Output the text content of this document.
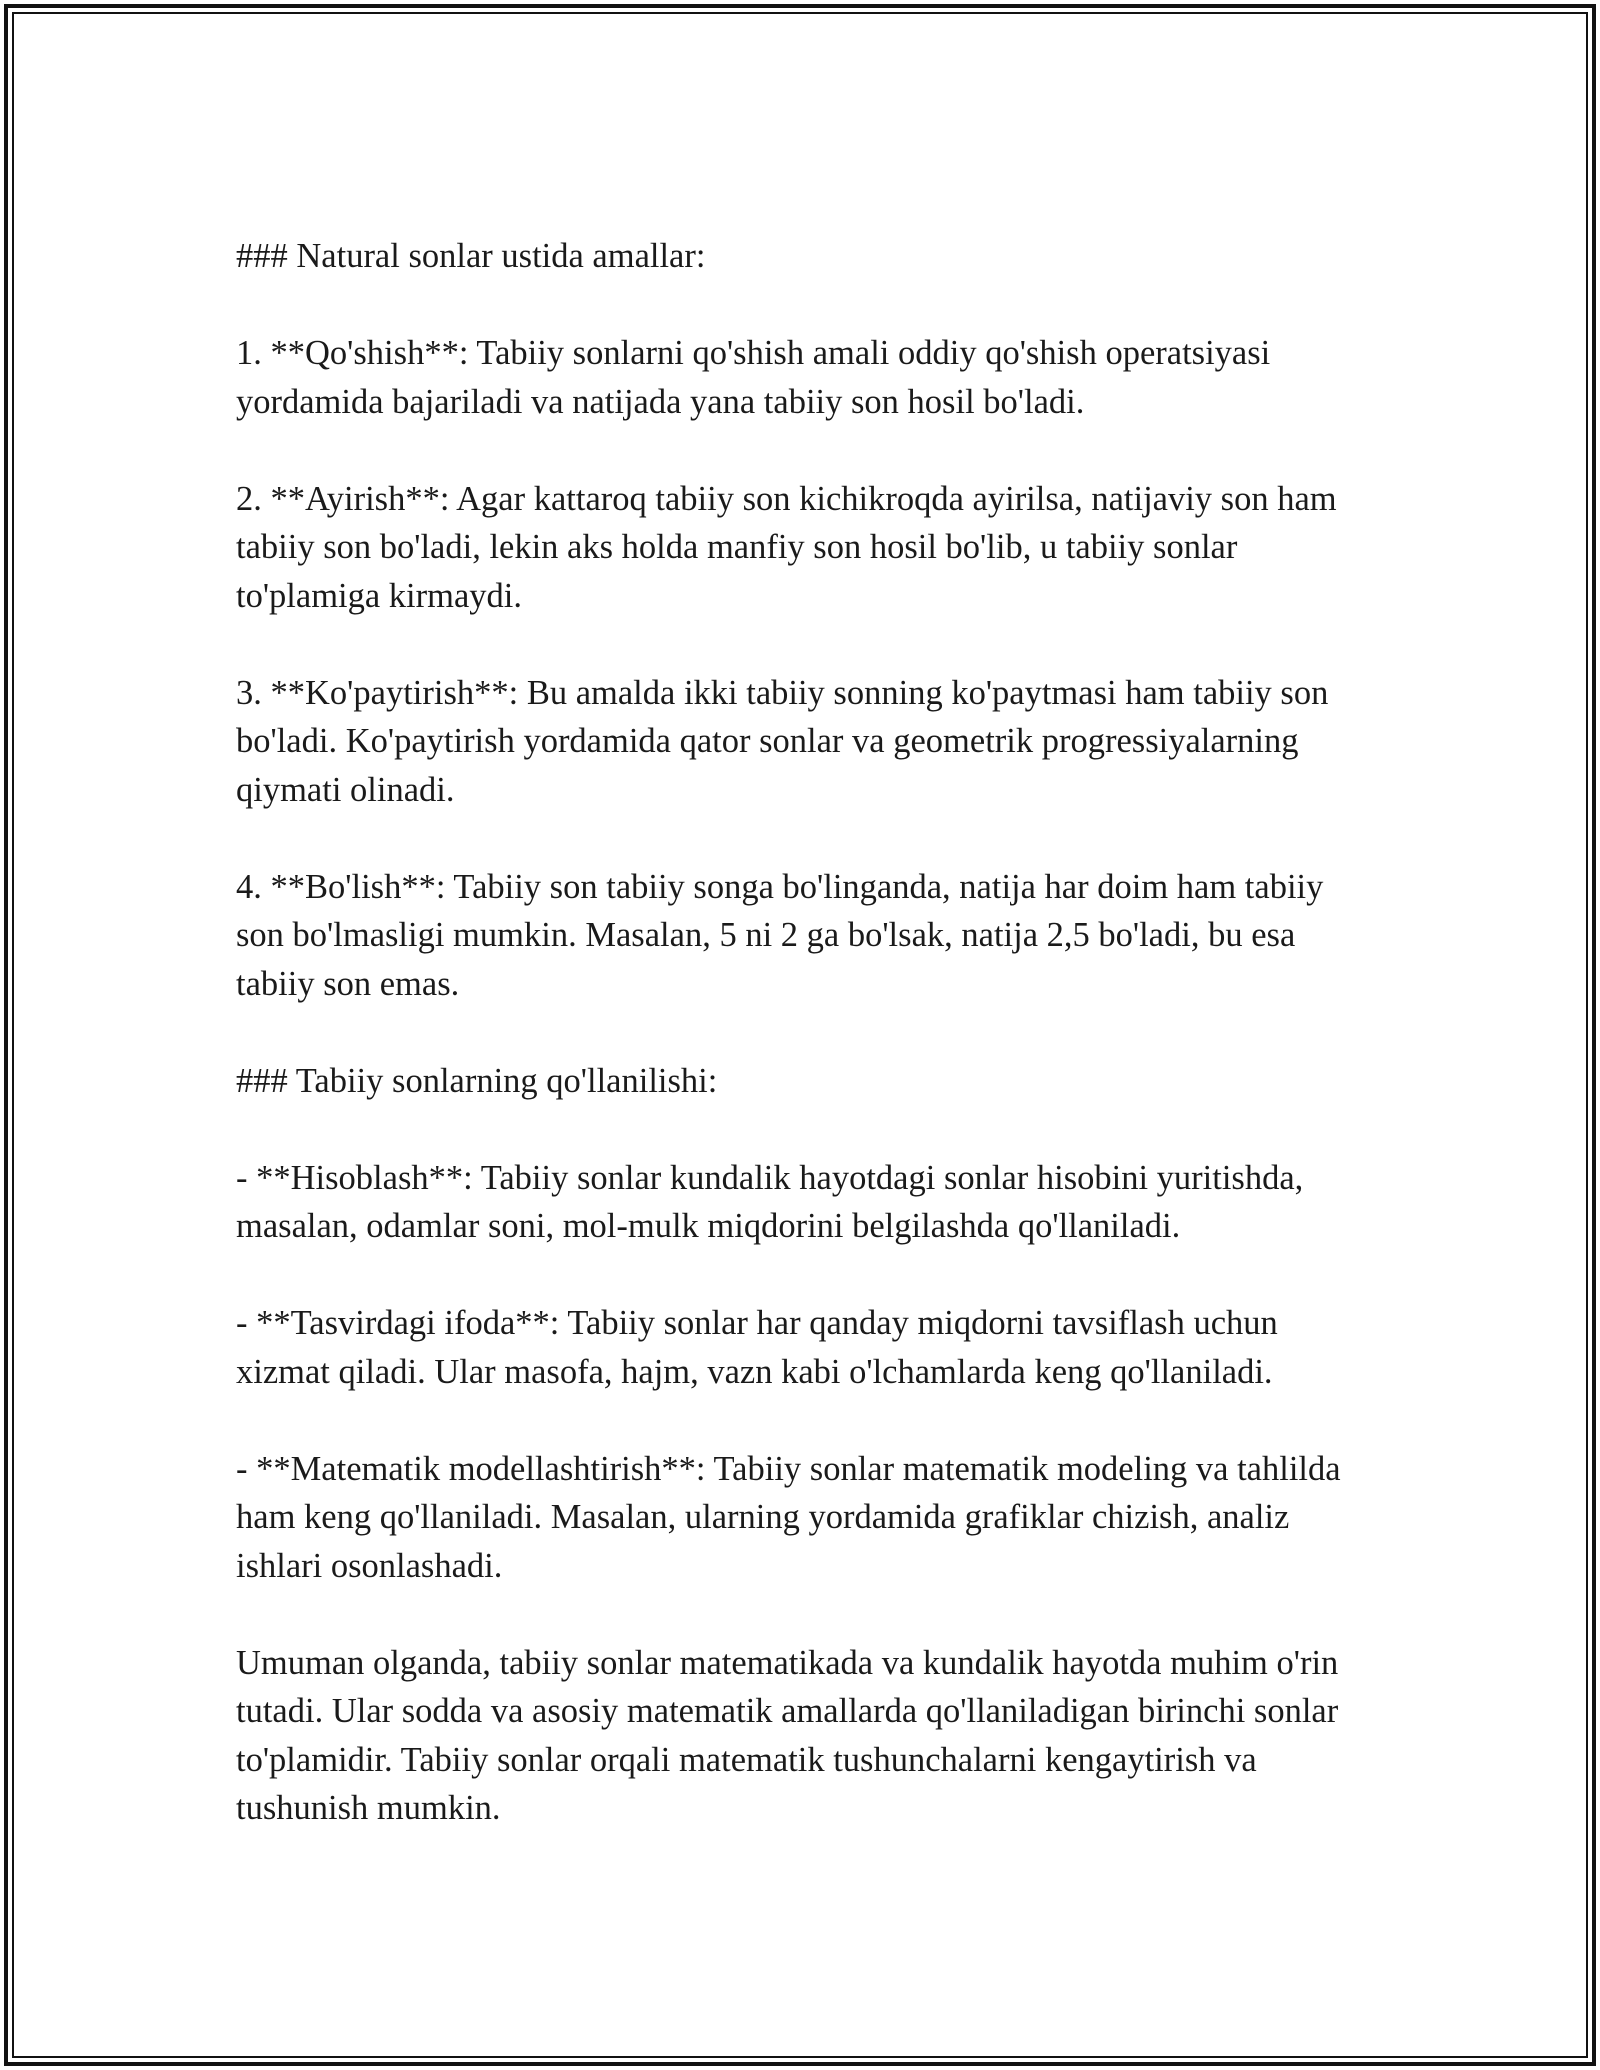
### Natural sonlar ustida amallar:

1. **Qo'shish**: Tabiiy sonlarni qo'shish amali oddiy qo'shish operatsiyasi yordamida bajariladi va natijada yana tabiiy son hosil bo'ladi.

2. **Ayirish**: Agar kattaroq tabiiy son kichikroqda ayirilsa, natijaviy son ham tabiiy son bo'ladi, lekin aks holda manfiy son hosil bo'lib, u tabiiy sonlar to'plamiga kirmaydi.

3. **Ko'paytirish**: Bu amalda ikki tabiiy sonning ko'paytmasi ham tabiiy son bo'ladi. Ko'paytirish yordamida qator sonlar va geometrik progressiyalarning qiymati olinadi.

4. **Bo'lish**: Tabiiy son tabiiy songa bo'linganda, natija har doim ham tabiiy son bo'lmasligi mumkin. Masalan, 5 ni 2 ga bo'lsak, natija 2,5 bo'ladi, bu esa tabiiy son emas.

### Tabiiy sonlarning qo'llanilishi:

- **Hisoblash**: Tabiiy sonlar kundalik hayotdagi sonlar hisobini yuritishda, masalan, odamlar soni, mol-mulk miqdorini belgilashda qo'llaniladi.

- **Tasvirdagi ifoda**: Tabiiy sonlar har qanday miqdorni tavsiflash uchun xizmat qiladi. Ular masofa, hajm, vazn kabi o'lchamlarda keng qo'llaniladi.

- **Matematik modellashtirish**: Tabiiy sonlar matematik modeling va tahlilda ham keng qo'llaniladi. Masalan, ularning yordamida grafiklar chizish, analiz ishlari osonlashadi.

Umuman olganda, tabiiy sonlar matematikada va kundalik hayotda muhim o'rin tutadi. Ular sodda va asosiy matematik amallarda qo'llaniladigan birinchi sonlar to'plamidir. Tabiiy sonlar orqali matematik tushunchalarni kengaytirish va tushunish mumkin.
